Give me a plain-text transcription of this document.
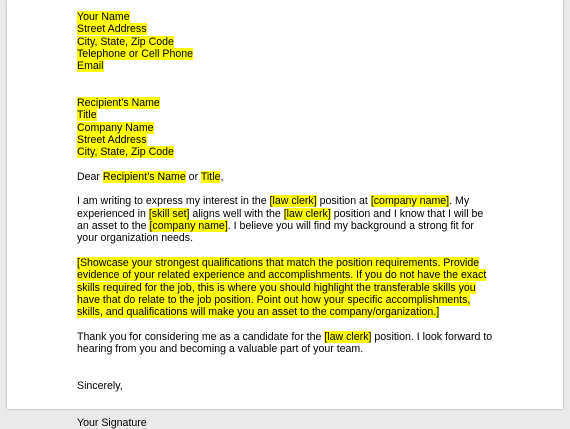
Your Name
Street Address
City, State, Zip Code
Telephone or Cell Phone
Email
Recipient’s Name
Title
Company Name
Street Address
City, State, Zip Code
Dear Recipient’s Name or Title,
I am writing to express my interest in the [law clerk] position at [company name]. My
experienced in [skill set] aligns well with the [law clerk] position and I know that I will be
an asset to the [company name]. I believe you will find my background a strong fit for
your organization needs.
[Showcase your strongest qualifications that match the position requirements. Provide
evidence of your related experience and accomplishments. If you do not have the exact
skills required for the job, this is where you should highlight the transferable skills you
have that do relate to the job position. Point out how your specific accomplishments,
skills, and qualifications will make you an asset to the company/organization.]
Thank you for considering me as a candidate for the [law clerk] position. I look forward to
hearing from you and becoming a valuable part of your team.
Sincerely,
Your Signature
